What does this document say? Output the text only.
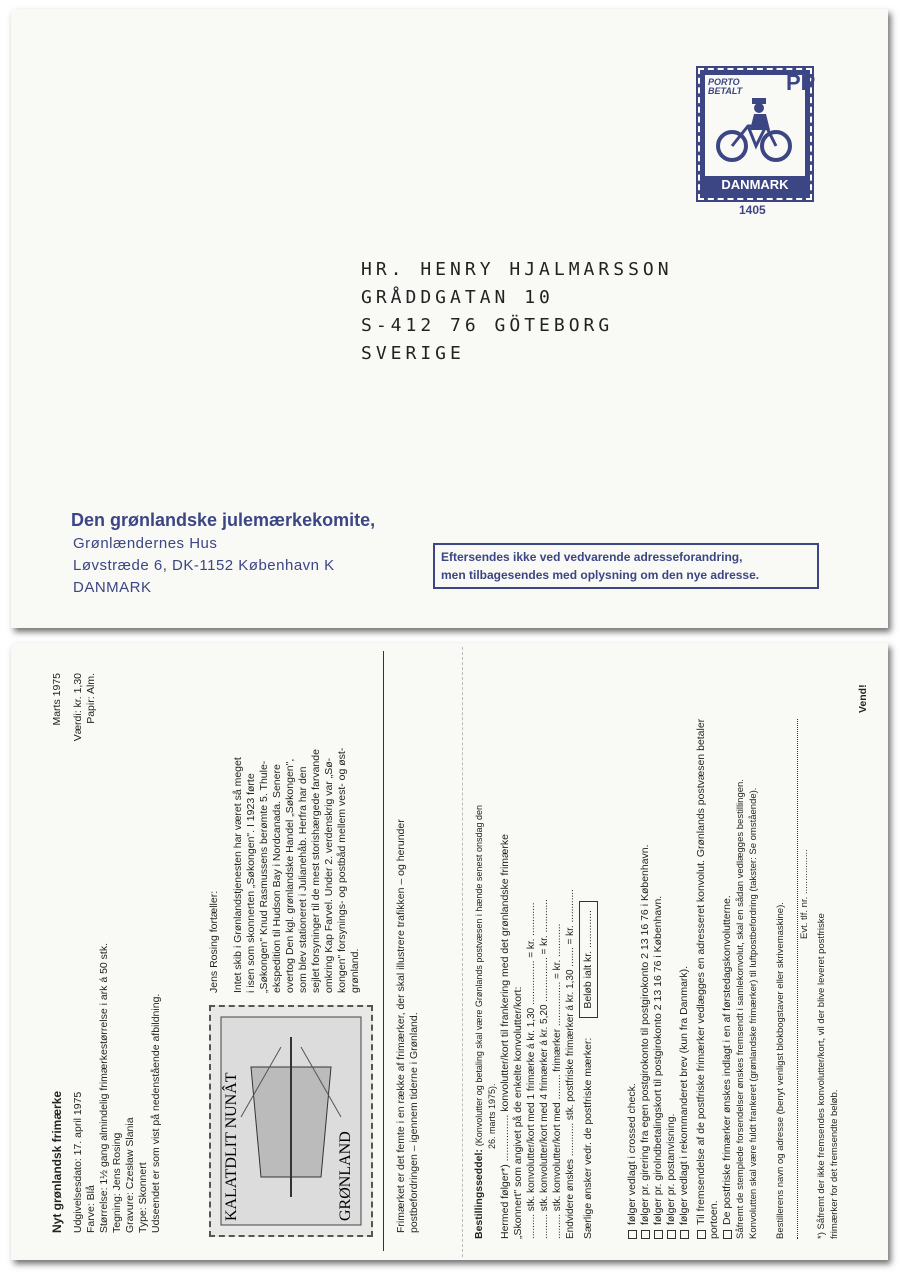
PORTO BETALT PP
DANMARK
1405
HR. HENRY HJALMARSSON
GRÅDDGATAN 10
S-412 76 GÖTEBORG
SVERIGE
Den grønlandske julemærkekomite,
Grønlændernes Hus
Løvstræde 6, DK-1152 København K
DANMARK
Eftersendes ikke ved vedvarende adresseforandring,
men tilbagesendes med oplysning om den nye adresse.
Nyt grønlandsk frimærke
Marts 1975
Udgivelsesdato: 17. april 1975
Værdi: kr. 1,30
Farve: Blå
Papir: Alm.
Størrelse: 1½ gang almindelig frimærkestørrelse i ark á 50 stk. Tegning: Jens Rosing Gravure: Czesław Slania Type: Skonnert Udseendet er som vist på nedenstående afbildning.	KALATDLIT NUNÂT	GRØNLAND
Jens Rosing fortæller: Intet skib i Grønlandstjenesten har været så meget i isen som skonnerten „Søkongen". I 1923 førte „Søkongen" Knud Rasmussens berømte 5. Thule- ekspedition til Hudson Bay i Nordcanada. Senere overtog Den kgl. grønlandske Handel „Søkongen", som blev stationeret i Julianehåb. Herfra har den sejlet forsyninger til de mest storishærgede farvande omkring Kap Farvel. Under 2. verdenskrig var „Sø- kongen" forsynings- og postbåd mellem vest- og øst- grønland.	Frimærket er det femte i en række af frimærker, der skal illustrere trafikken – og herunder postbefordringen – igennem tiderne i Grønland.	Bestillingsseddel: (Konvolutter og betaling skal være Grønlands postvæsen i hænde senest onsdag den 26. marts 1975). Hermed følger*) ................ konvolutter/kort til frankering med det grønlandske frimærke „Skonnert" som angivet på de enkelte konvolutter/kort: ......... stk. konvolutter/kort med 1 frimærke á kr. 1,30 ................ = kr. ............ ......... stk. konvolutter/kort med 4 frimærker á kr. 5,20 ................ = kr. ............ ......... stk. konvolutter/kort med ......... frimærker ................ = kr. ............ Endvidere ønskes ............ stk. postfriske frimærker á kr. 1,30 ....... = kr. ............ Særlige ønsker vedr. de postfriske mærker:Beløb ialt kr. .............
følger vedlagt i crossed check. følger pr. girering fra egen postgirokonto til postgirokonto 2 13 16 76 i København. følger pr. girolndbetalingskort til postgirokonto 2 13 16 76 i København. følger pr. postanvisning. følger vedlagt i rekommanderet brev (kun fra Danmark). Til fremsendelse af de postfriske frimærker vedlægges en adresseret konvolut. Grønlands postvæsen betaler portoen. De postfriske frimærker ønskes indlagt i en af førstedagskonvolutterne. Såfremt de stemplede forsendelser ønskes fremsendt i samlekonvolut, skal en sådan vedlægges bestillingen. Konvolutten skal være fuldt frankeret (grønlandske frimærker) til luftpostbefordring (takster: Se omstående). Bestillerens navn og adresse (benyt venligst blokbogstaver eller skrivemaskine).
Evt. tlf. nr. .................
*) Såfremt der ikke fremsendes konvolutter/kort, vil der blive leveret postfriske frimærker for det fremsendte beløb.
Vend!
